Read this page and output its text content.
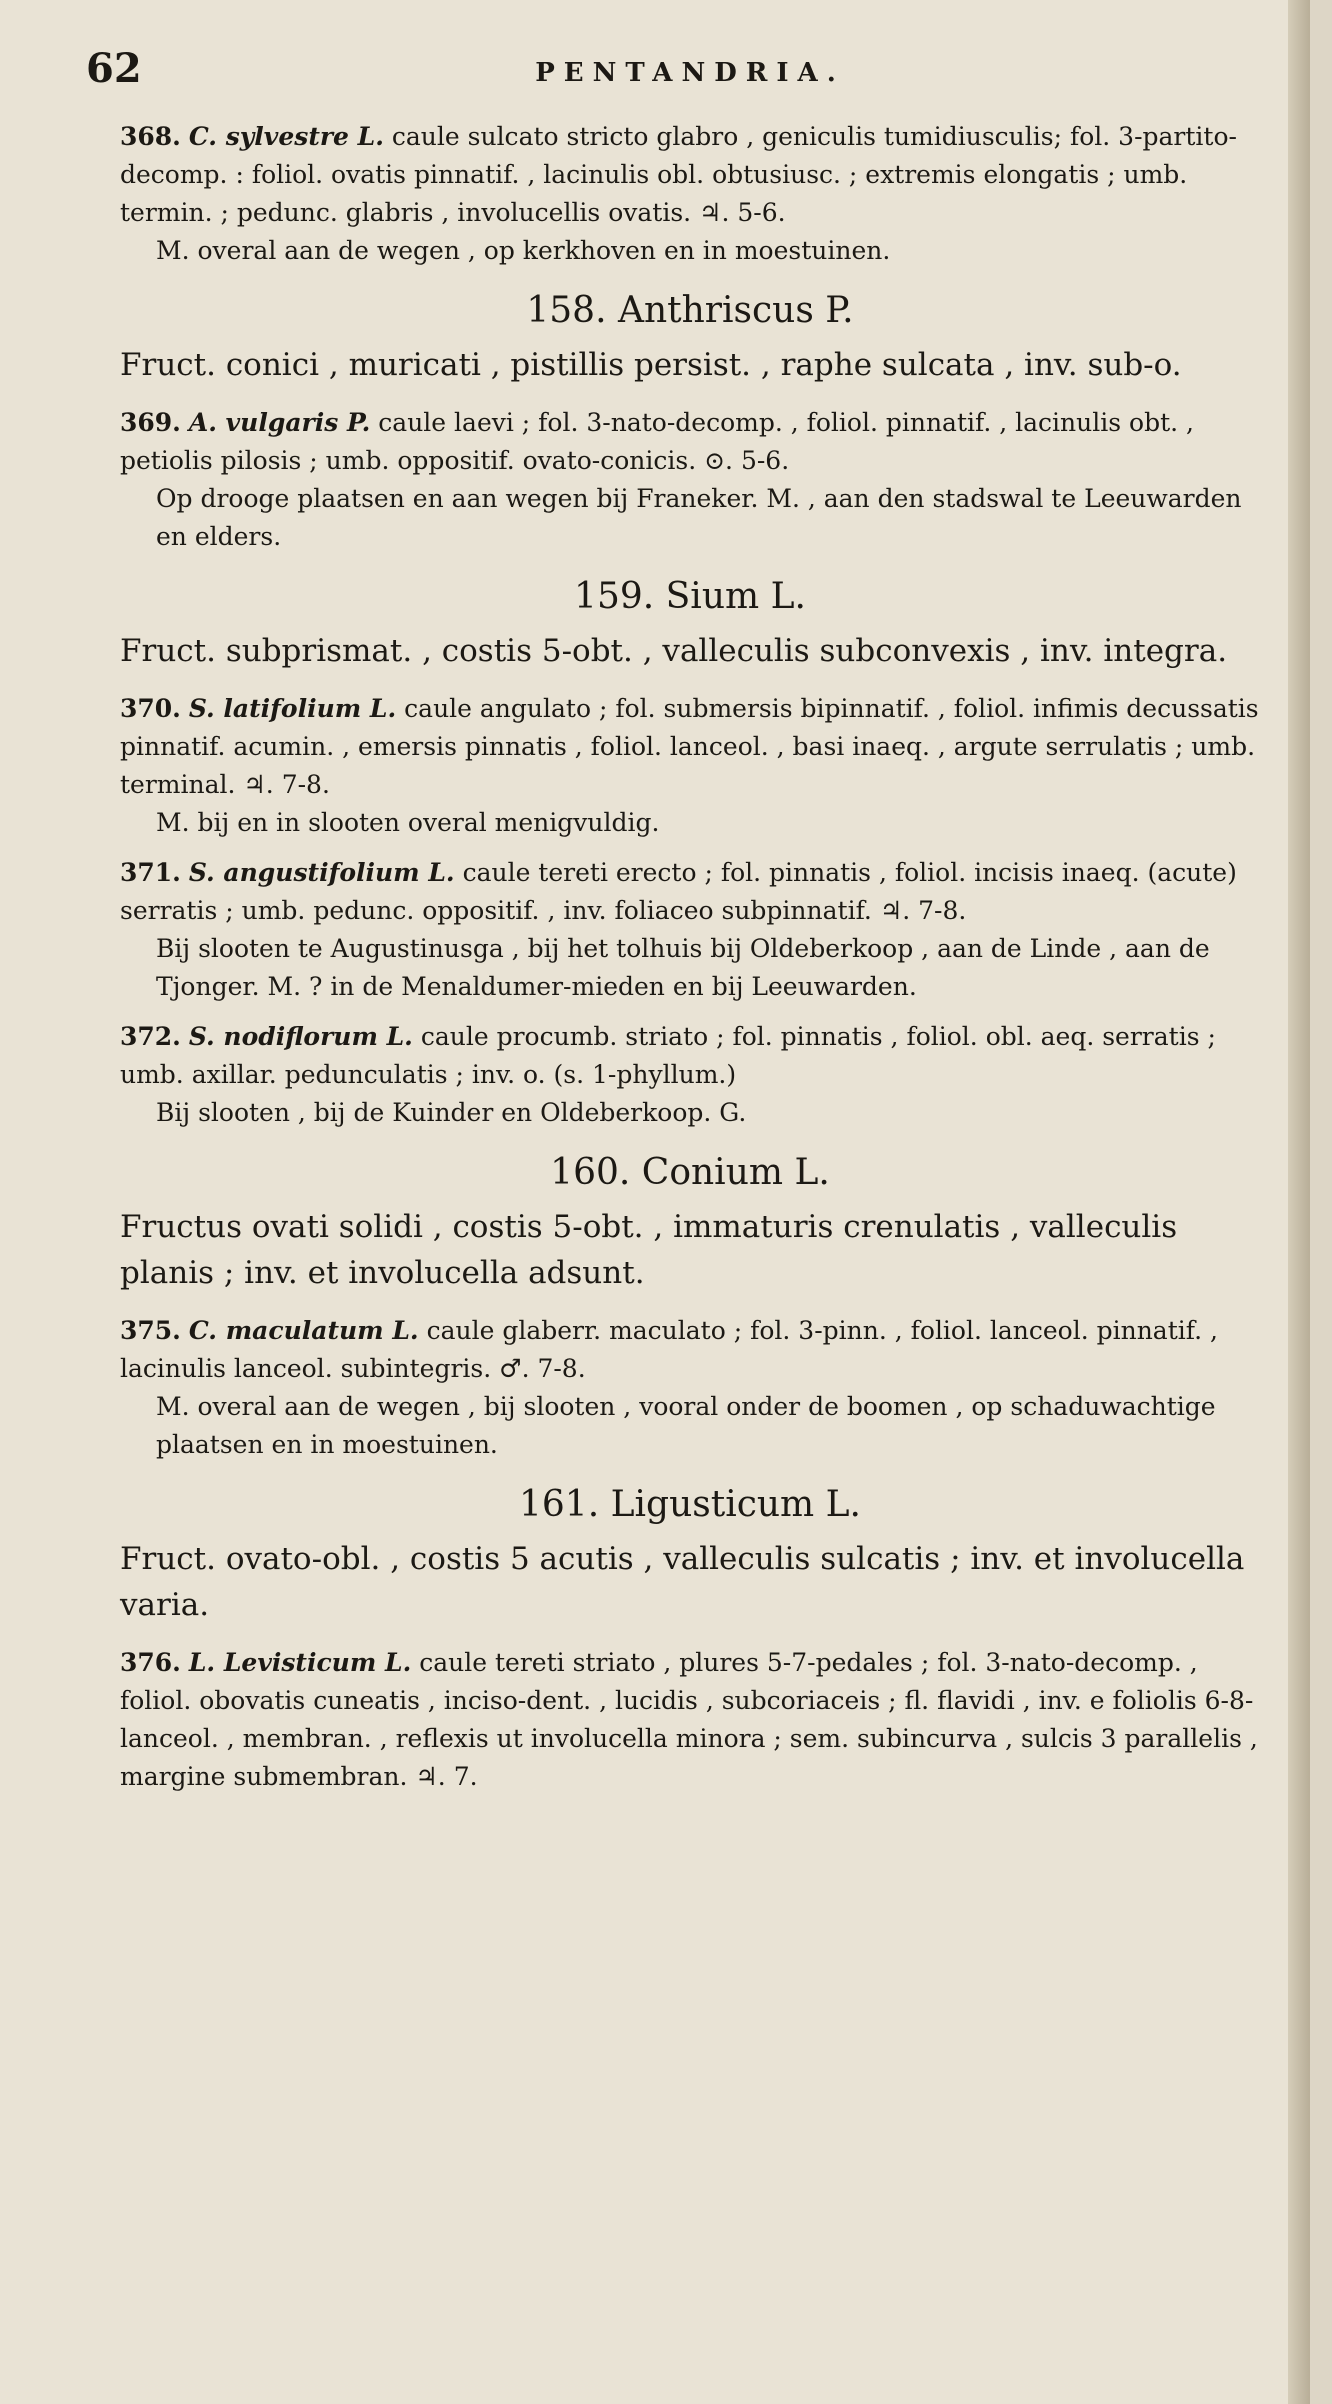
62	PENTANDRIA.
368. C. sylvestre L. caule sulcato stricto glabro , geniculis tumidiusculis; fol. 3-partito-decomp. : foliol. ovatis pinnatif. , lacinulis obl. obtusiusc. ; extremis elongatis ; umb. termin. ; pedunc. glabris , involucellis ovatis. ♃. 5-6.
M. overal aan de wegen , op kerkhoven en in moestuinen.
158. Anthriscus P.
Fruct. conici , muricati , pistillis persist. , raphe sulcata , inv. sub-o.
369. A. vulgaris P. caule laevi ; fol. 3-nato-decomp. , foliol. pinnatif. , lacinulis obt. , petiolis pilosis ; umb. oppositif. ovato-conicis. ⊙. 5-6.
Op droogе plaatsen en aan wegen bij Franeker. M. , aan den stadswal te Leeuwarden en elders.
159. Sium L.
Fruct. subprismat. , costis 5-obt. , valleculis subconvexis , inv. integra.
370. S. latifolium L. caule angulato ; fol. submersis bipinnatif. , foliol. infimis decussatis pinnatif. acumin. , emersis pinnatis , foliol. lanceol. , basi inaeq. , argute serrulatis ; umb. terminal. ♃. 7-8.
M. bij en in slooten overal menigvuldig.
371. S. angustifolium L. caule tereti erecto ; fol. pinnatis , foliol. incisis inaeq. (acute) serratis ; umb. pedunc. oppositif. , inv. foliaceo subpinnatif. ♃. 7-8.
Bij slooten te Augustinusga , bij het tolhuis bij Oldeberkoop , aan de Linde , aan de Tjonger. M. ? in de Menaldumer-mieden en bij Leeuwarden.
372. S. nodiflorum L. caule procumb. striato ; fol. pinnatis , foliol. obl. aeq. serratis ; umb. axillar. pedunculatis ; inv. o. (s. 1-phyllum.)
Bij slooten , bij de Kuinder en Oldeberkoop. G.
160. Conium L.
Fructus ovati solidi , costis 5-obt. , immaturis crenulatis , valleculis planis ; inv. et involucella adsunt.
375. C. maculatum L. caule glaberr. maculato ; fol. 3-pinn. , foliol. lanceol. pinnatif. , lacinulis lanceol. subintegris. ♂. 7-8.
M. overal aan de wegen , bij slooten , vooral onder de boomen , op schaduwachtige plaatsen en in moestuinen.
161. Ligusticum L.
Fruct. ovato-obl. , costis 5 acutis , valleculis sulcatis ; inv. et involucella varia.
376. L. Levisticum L. caule tereti striato , plures 5-7-pedales ; fol. 3-nato-decomp. , foliol. obovatis cuneatis , inciso-dent. , lucidis , subcoriaceis ; fl. flavidi , inv. e foliolis 6-8-lanceol. , membran. , reflexis ut involucella minora ; sem. subincurva , sulcis 3 parallelis , margine submembran. ♃. 7.
